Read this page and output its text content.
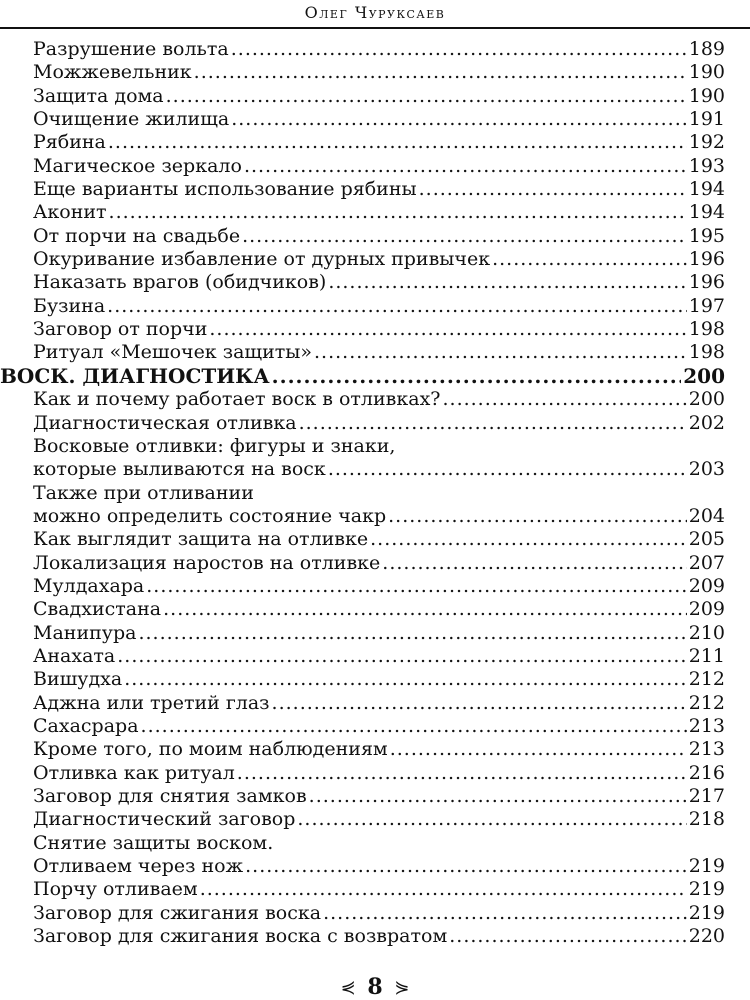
Олег Чуруксаев
Разрушение вольта .....	189
Можжевельник .....	190
Защита дома .....	190
Очищение жилища .....	191
Рябина .....	192
Магическое зеркало .....	193
Еще варианты использование рябины .....	194
Аконит .....	194
От порчи на свадьбе .....	195
Окуривание избавление от дурных привычек .....	196
Наказать врагов (обидчиков) .....	196
Бузина .....	197
Заговор от порчи .....	198
Ритуал «Мешочек защиты» .....	198
ВОСК. ДИАГНОСТИКА .....	200
Как и почему работает воск в отливках? .....	200
Диагностическая отливка .....	202
Восковые отливки: фигуры и знаки,
которые выливаются на воск .....	203
Также при отливании
можно определить состояние чакр .....	204
Как выглядит защита на отливке .....	205
Локализация наростов на отливке .....	207
Мулдахара .....	209
Свадхистана .....	209
Манипура .....	210
Анахата .....	211
Вишудха .....	212
Аджна или третий глаз .....	212
Сахасрара .....	213
Кроме того, по моим наблюдениям .....	213
Отливка как ритуал .....	216
Заговор для снятия замков .....	217
Диагностический заговор .....	218
Снятие защиты воском.
Отливаем через нож .....	219
Порчу отливаем .....	219
Заговор для сжигания воска .....	219
Заговор для сжигания воска с возвратом .....	220
⋞ 8 ⋟
